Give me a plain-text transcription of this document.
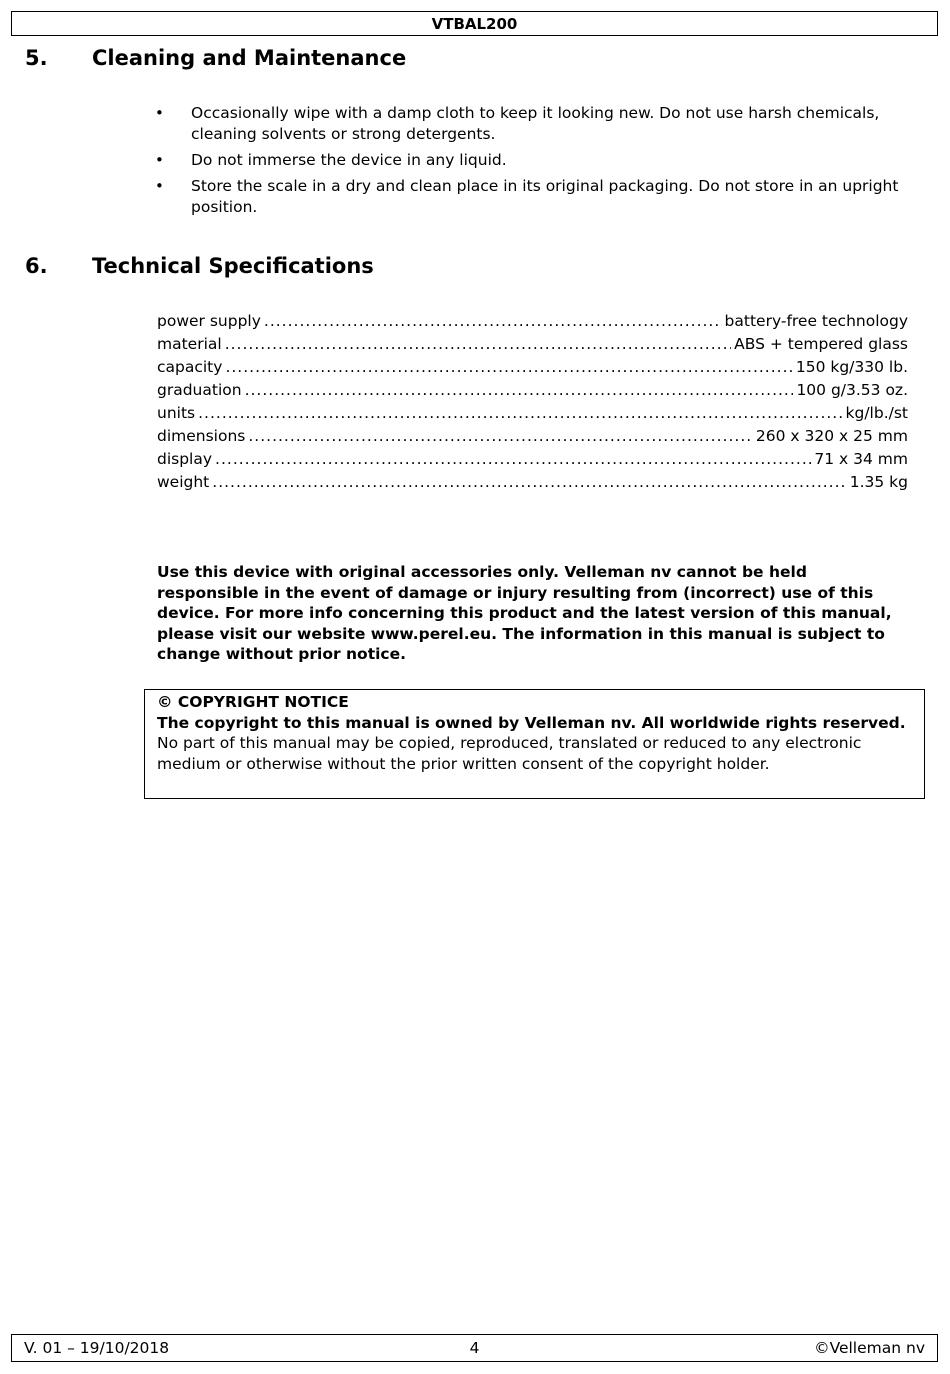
VTBAL200
5. Cleaning and Maintenance
• Occasionally wipe with a damp cloth to keep it looking new. Do not use harsh chemicals, cleaning solvents or strong detergents.
• Do not immerse the device in any liquid.
• Store the scale in a dry and clean place in its original packaging. Do not store in an upright position.
6. Technical Specifications
power supply .....	battery-free technology
material .....	ABS + tempered glass
capacity .....	150 kg/330 lb.
graduation .....	100 g/3.53 oz.
units .....	kg/lb./st
dimensions .....	260 x 320 x 25 mm
display .....	71 x 34 mm
weight .....	1.35 kg

Use this device with original accessories only. Velleman nv cannot be held responsible in the event of damage or injury resulting from (incorrect) use of this device. For more info concerning this product and the latest version of this manual, please visit our website www.perel.eu. The information in this manual is subject to change without prior notice.

© COPYRIGHT NOTICE
The copyright to this manual is owned by Velleman nv. All worldwide rights reserved. No part of this manual may be copied, reproduced, translated or reduced to any electronic medium or otherwise without the prior written consent of the copyright holder.
V. 01 – 19/10/2018	4	©Velleman nv
